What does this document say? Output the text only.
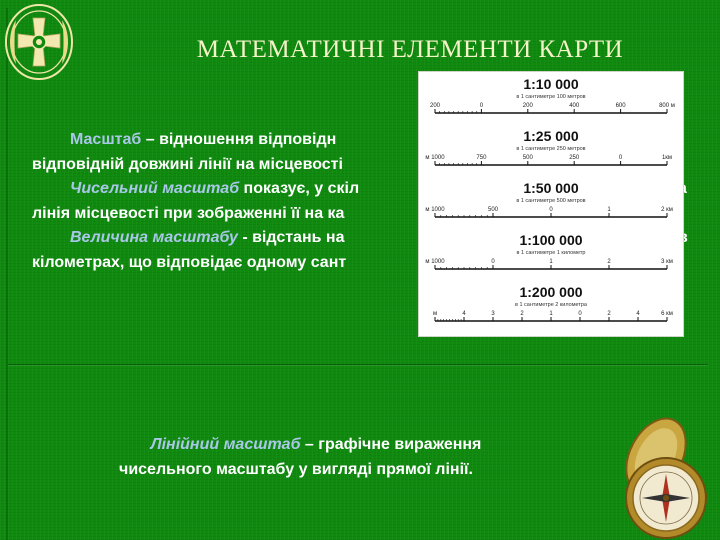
МАТЕМАТИЧНІ ЕЛЕМЕНТИ КАРТИ

Масштаб – відношення відповідн	і

відповідній довжині лінії на місцевості

Чисельний масштаб показує, у скіл	а

лінія місцевості при зображенні її на ка

Величина масштабу - відстань на	в

кілометрах, що відповідає одному сант

1:10 000
в 1 сантиметре 100 метров
200	0	200	400	600	800 м
1:25 000
в 1 сантиметре 250 метров
м 1000	750	500	250	0	1км
1:50 000
в 1 сантиметре 500 метров
м 1000	500	0	1	2 км
1:100 000
в 1 сантиметре 1 километр
м 1000	0	1	2	3 км
1:200 000
в 1 сантиметре 2 километра
м	4	3	2	1	0	2	4	6 км
Лінійний масштаб – графічне вираження
чисельного масштабу у вигляді прямої лінії.
